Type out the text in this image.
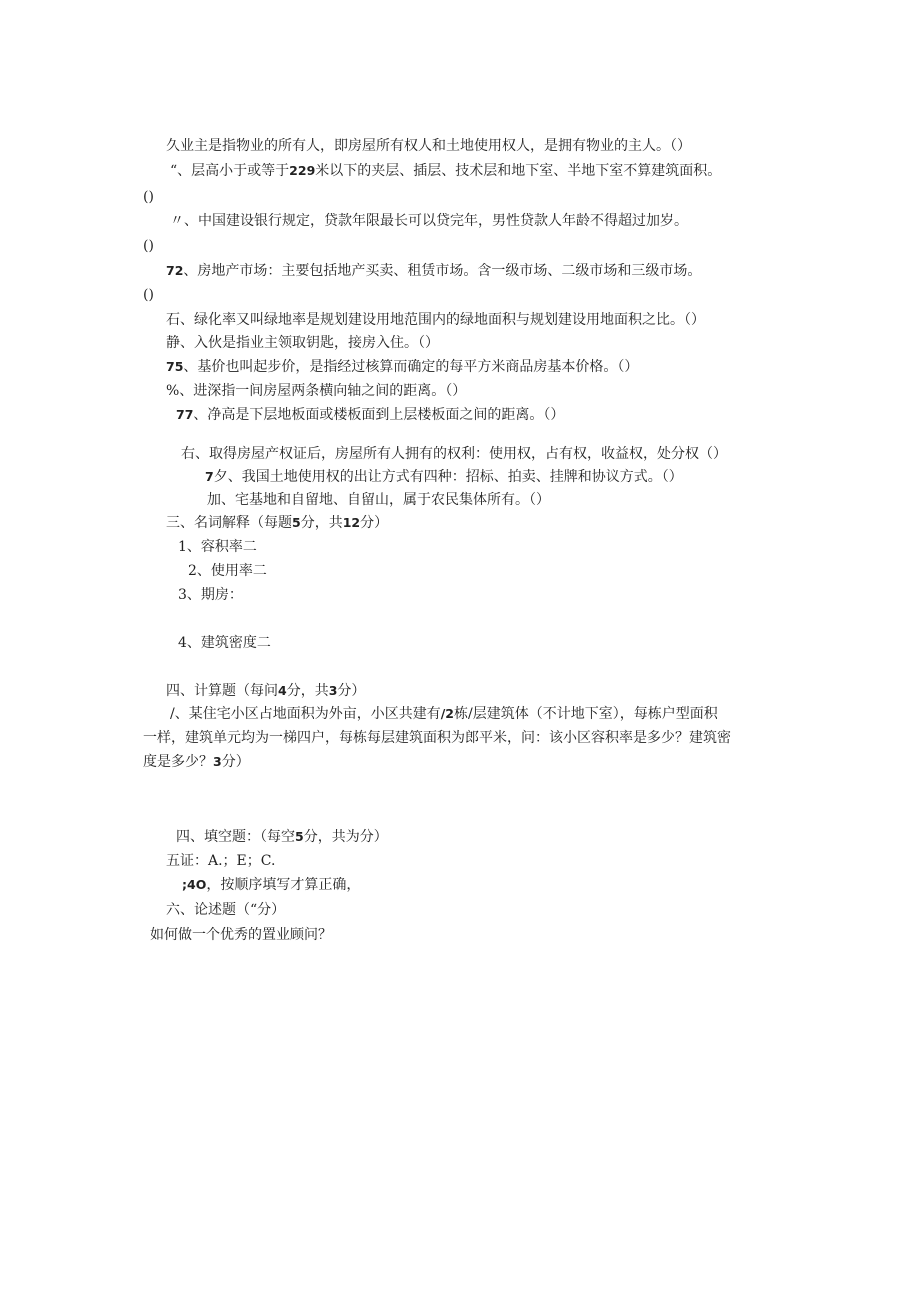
久业主是指物业的所有人，即房屋所有权人和土地使用权人，是拥有物业的主人。（）
“、层高小于或等于229米以下的夹层、插层、技术层和地下室、半地下室不算建筑面积。
()
〃、中国建设银行规定，贷款年限最长可以贷完年，男性贷款人年龄不得超过加岁。
()
72、房地产市场：主要包括地产买卖、租赁市场。含一级市场、二级市场和三级市场。
()
石、绿化率又叫绿地率是规划建设用地范围内的绿地面积与规划建设用地面积之比。（）
静、入伙是指业主领取钥匙，接房入住。（）
75、基价也叫起步价，是指经过核算而确定的每平方米商品房基本价格。（）
%、进深指一间房屋两条横向轴之间的距离。（）
77、净高是下层地板面或楼板面到上层楼板面之间的距离。（）
右、取得房屋产权证后，房屋所有人拥有的权利：使用权，占有权，收益权，处分权（）
7夕、我国土地使用权的出让方式有四种：招标、拍卖、挂牌和协议方式。（）
加、宅基地和自留地、自留山，属于农民集体所有。（）
三、名词解释（每题5分，共12分）
1、容积率二
2、使用率二
3、期房：
4、建筑密度二
四、计算题（每问4分，共3分）
/、某住宅小区占地面积为外亩，小区共建有/2栋/层建筑体（不计地下室），每栋户型面积
一样，建筑单元均为一梯四户，每栋每层建筑面积为郎平米，问：该小区容积率是多少？建筑密
度是多少？3分）
四、填空题：（每空5分，共为分）
五证：A.；E；C.
;4O，按顺序填写才算正确，
六、论述题（“分）
如何做一个优秀的置业顾问？
